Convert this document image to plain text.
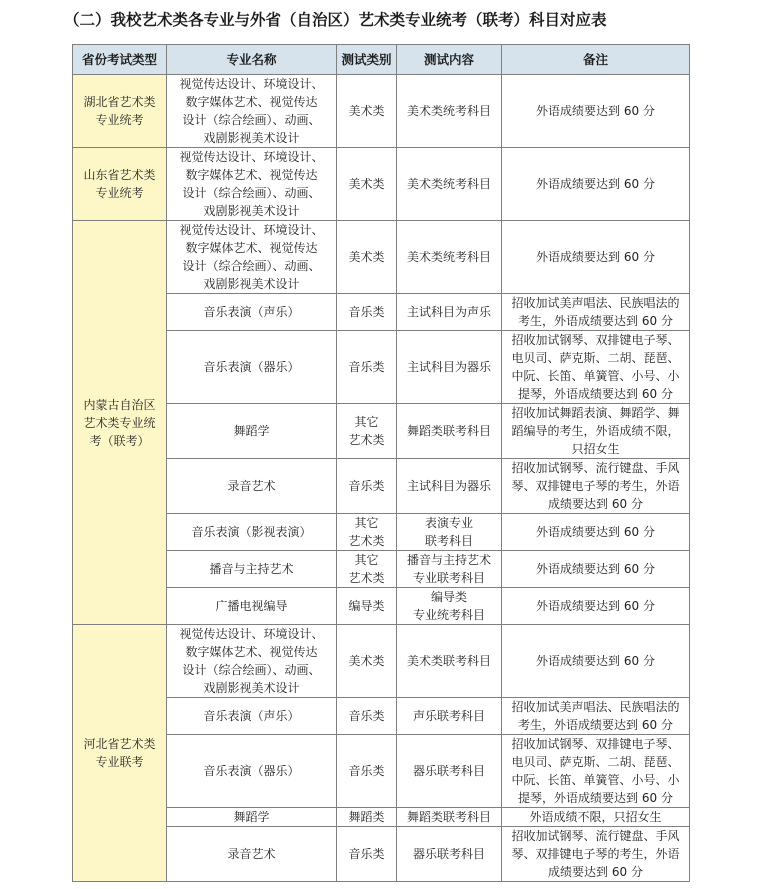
（二）我校艺术类各专业与外省（自治区）艺术类专业统考（联考）科目对应表
省份考试类型	专业名称	测试类别	测试内容	备注

湖北省艺术类
专业统考	视觉传达设计、环境设计、
数字媒体艺术、视觉传达
设计（综合绘画）、动画、
戏剧影视美术设计	美术类	美术类统考科目	外语成绩要达到 60 分

山东省艺术类
专业统考	视觉传达设计、环境设计、
数字媒体艺术、视觉传达
设计（综合绘画）、动画、
戏剧影视美术设计	美术类	美术类统考科目	外语成绩要达到 60 分

内蒙古自治区
艺术类专业统
考（联考）	视觉传达设计、环境设计、
数字媒体艺术、视觉传达
设计（综合绘画）、动画、
戏剧影视美术设计	美术类	美术类统考科目	外语成绩要达到 60 分

	音乐表演（声乐）	音乐类	主试科目为声乐	招收加试美声唱法、民族唱法的
考生，外语成绩要达到 60 分

	音乐表演（器乐）	音乐类	主试科目为器乐	招收加试钢琴、双排键电子琴、
电贝司、萨克斯、二胡、琵琶、
中阮、长笛、单簧管、小号、小
提琴，外语成绩要达到 60 分

	舞蹈学	其它
艺术类	舞蹈类联考科目	招收加试舞蹈表演、舞蹈学、舞
蹈编导的考生，外语成绩不限，
只招女生

	录音艺术	音乐类	主试科目为器乐	招收加试钢琴、流行键盘、手风
琴、双排键电子琴的考生，外语
成绩要达到 60 分

	音乐表演（影视表演）	其它
艺术类	表演专业
联考科目	外语成绩要达到 60 分

	播音与主持艺术	其它
艺术类	播音与主持艺术
专业联考科目	外语成绩要达到 60 分

	广播电视编导	编导类	编导类
专业统考科目	外语成绩要达到 60 分

河北省艺术类
专业联考	视觉传达设计、环境设计、
数字媒体艺术、视觉传达
设计（综合绘画）、动画、
戏剧影视美术设计	美术类	美术类联考科目	外语成绩要达到 60 分

	音乐表演（声乐）	音乐类	声乐联考科目	招收加试美声唱法、民族唱法的
考生，外语成绩要达到 60 分

	音乐表演（器乐）	音乐类	器乐联考科目	招收加试钢琴、双排键电子琴、
电贝司、萨克斯、二胡、琵琶、
中阮、长笛、单簧管、小号、小
提琴，外语成绩要达到 60 分

	舞蹈学	舞蹈类	舞蹈类联考科目	外语成绩不限，只招女生

	录音艺术	音乐类	器乐联考科目	招收加试钢琴、流行键盘、手风
琴、双排键电子琴的考生，外语
成绩要达到 60 分
